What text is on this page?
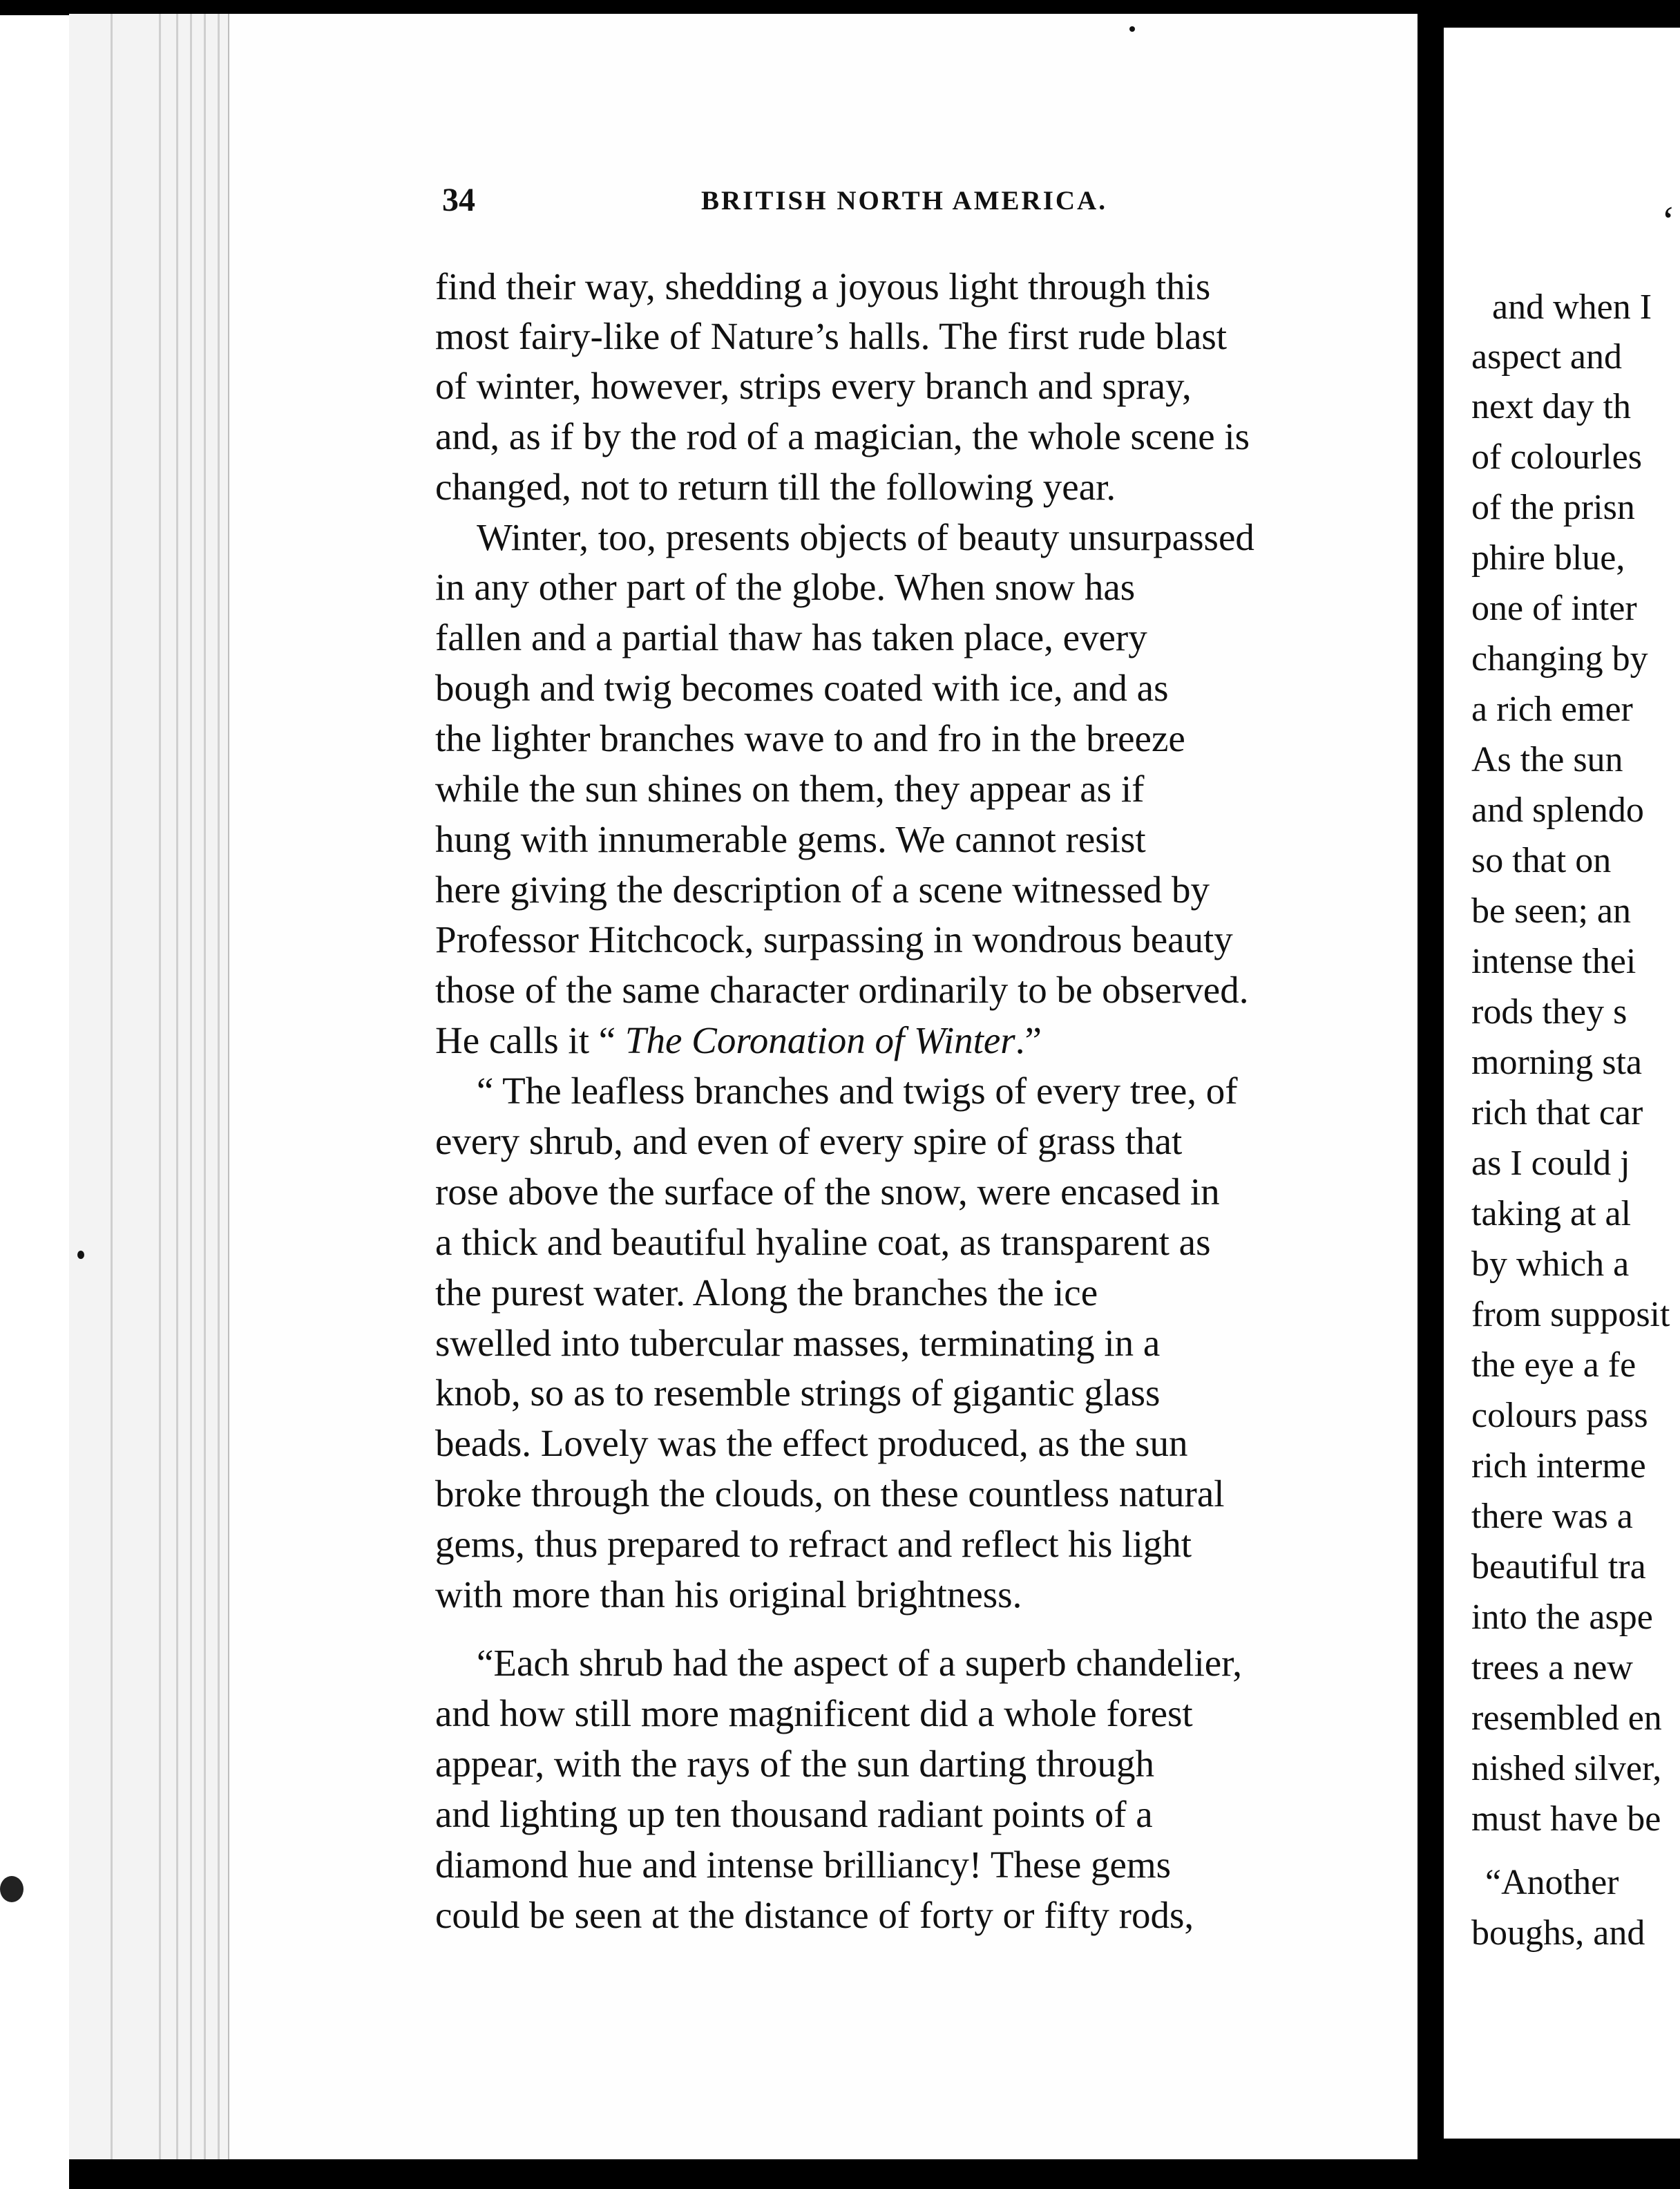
34	BRITISH NORTH AMERICA.
find their way, shedding a joyous light through this
most fairy-like of Nature’s halls. The first rude blast
of winter, however, strips every branch and spray,
and, as if by the rod of a magician, the whole scene is
changed, not to return till the following year.
Winter, too, presents objects of beauty unsurpassed
in any other part of the globe. When snow has
fallen and a partial thaw has taken place, every
bough and twig becomes coated with ice, and as
the lighter branches wave to and fro in the breeze
while the sun shines on them, they appear as if
hung with innumerable gems. We cannot resist
here giving the description of a scene witnessed by
Professor Hitchcock, surpassing in wondrous beauty
those of the same character ordinarily to be observed.
He calls it “ The Coronation of Winter.”
“ The leafless branches and twigs of every tree, of
every shrub, and even of every spire of grass that
rose above the surface of the snow, were encased in
a thick and beautiful hyaline coat, as transparent as
the purest water. Along the branches the ice
swelled into tubercular masses, terminating in a
knob, so as to resemble strings of gigantic glass
beads. Lovely was the effect produced, as the sun
broke through the clouds, on these countless natural
gems, thus prepared to refract and reflect his light
with more than his original brightness.
“Each shrub had the aspect of a superb chandelier,
and how still more magnificent did a whole forest
appear, with the rays of the sun darting through
and lighting up ten thousand radiant points of a
diamond hue and intense brilliancy! These gems
could be seen at the distance of forty or fifty rods,
‘
and when I
aspect and
next day th
of colourles
of the prisn
phire blue,
one of inter
changing by
a rich emer
As the sun
and splendo
so that on
be seen; an
intense thei
rods they s
morning sta
rich that car
as I could j
taking at al
by which a
from supposit
the eye a fe
colours pass
rich interme
there was a
beautiful tra
into the aspe
trees a new
resembled en
nished silver,
must have be
“Another
boughs, and
